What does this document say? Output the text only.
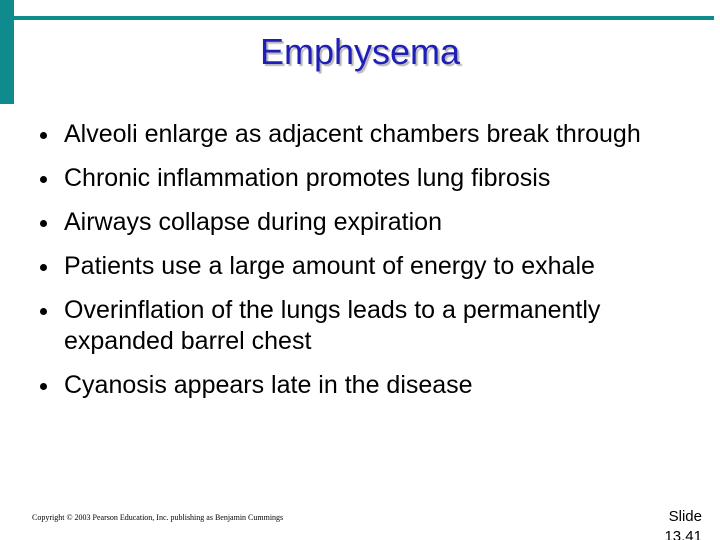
Emphysema
Alveoli enlarge as adjacent chambers break through
Chronic inflammation promotes lung fibrosis
Airways collapse during expiration
Patients use a large amount of energy to exhale
Overinflation of the lungs leads to a permanently expanded barrel chest
Cyanosis appears late in the disease
Copyright © 2003 Pearson Education, Inc. publishing as Benjamin Cummings	Slide
13.41
